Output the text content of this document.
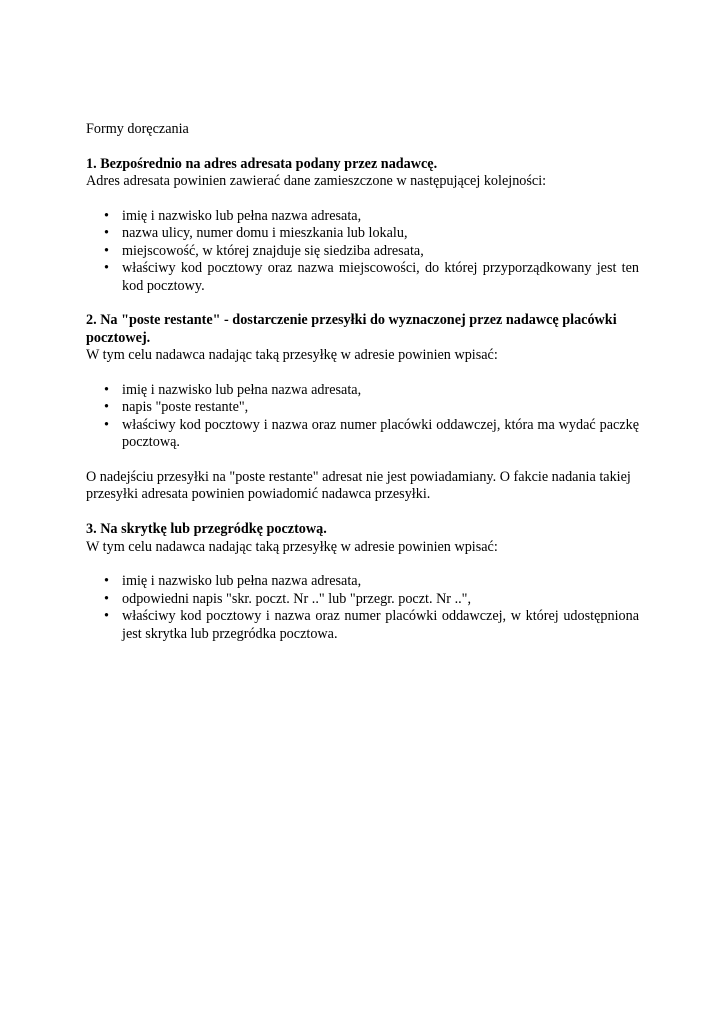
Formy doręczania

1. Bezpośrednio na adres adresata podany przez nadawcę.

Adres adresata powinien zawierać dane zamieszczone w następującej kolejności:

• imię i nazwisko lub pełna nazwa adresata,
• nazwa ulicy, numer domu i mieszkania lub lokalu,
• miejscowość, w której znajduje się siedziba adresata,
• właściwy kod pocztowy oraz nazwa miejscowości, do której przyporządkowany jest ten kod pocztowy.

2. Na "poste restante" - dostarczenie przesyłki do wyznaczonej przez nadawcę placówki pocztowej.

W tym celu nadawca nadając taką przesyłkę w adresie powinien wpisać:

• imię i nazwisko lub pełna nazwa adresata,
• napis "poste restante",
• właściwy kod pocztowy i nazwa oraz numer placówki oddawczej, która ma wydać paczkę pocztową.

O nadejściu przesyłki na "poste restante" adresat nie jest powiadamiany. O fakcie nadania takiej przesyłki adresata powinien powiadomić nadawca przesyłki.

3. Na skrytkę lub przegródkę pocztową.

W tym celu nadawca nadając taką przesyłkę w adresie powinien wpisać:

• imię i nazwisko lub pełna nazwa adresata,
• odpowiedni napis "skr. poczt. Nr .." lub "przegr. poczt. Nr ..",
• właściwy kod pocztowy i nazwa oraz numer placówki oddawczej, w której udostępniona jest skrytka lub przegródka pocztowa.
